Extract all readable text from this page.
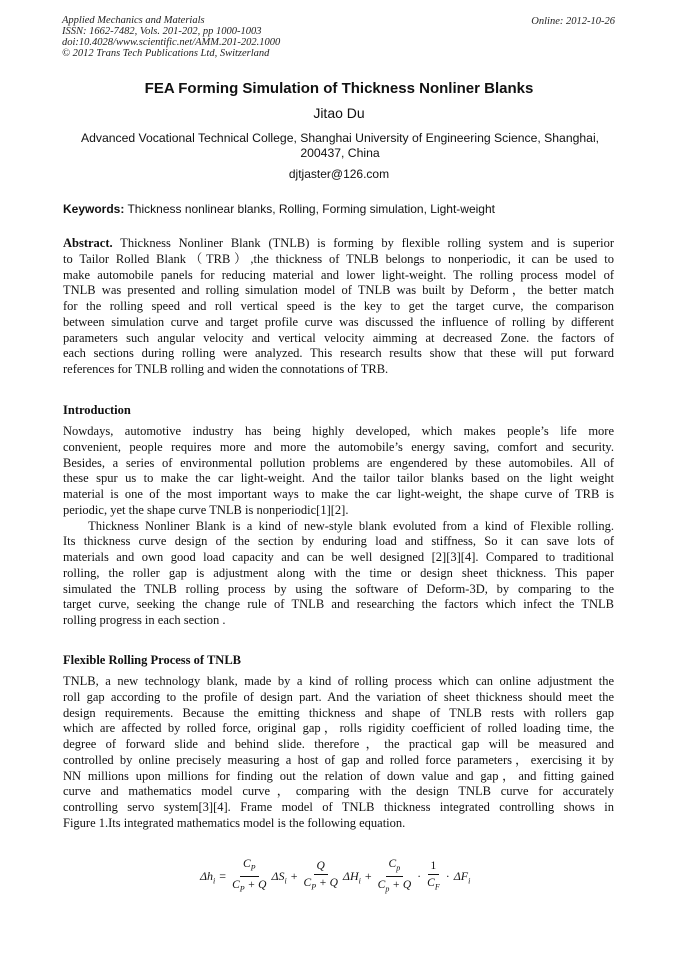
Applied Mechanics and Materials
ISSN: 1662-7482, Vols. 201-202, pp 1000-1003
doi:10.4028/www.scientific.net/AMM.201-202.1000
© 2012 Trans Tech Publications Ltd, Switzerland
Online: 2012-10-26
FEA Forming Simulation of Thickness Nonliner Blanks
Jitao Du
Advanced Vocational Technical College, Shanghai University of Engineering Science, Shanghai,
200437, China
djtjaster@126.com
Keywords: Thickness nonlinear blanks, Rolling, Forming simulation, Light-weight
Abstract. Thickness Nonliner Blank (TNLB) is forming by flexible rolling system and is superior
to Tailor Rolled Blank（TRB）,the thickness of TNLB belongs to nonperiodic, it can be used to
make automobile panels for reducing material and lower light-weight. The rolling process model of
TNLB was presented and rolling simulation model of TNLB was built by Deform，the better match
for the rolling speed and roll vertical speed is the key to get the target curve, the comparison
between simulation curve and target profile curve was discussed the influence of rolling by different
parameters such angular velocity and vertical velocity aimming at decreased Zone. the factors of
each sections during rolling were analyzed. This research results show that these will put forward
references for TNLB rolling and widen the connotations of TRB.
Introduction
Nowdays, automotive industry has being highly developed, which makes people’s life more
convenient, people requires more and more the automobile’s energy saving, comfort and security.
Besides, a series of environmental pollution problems are engendered by these automobiles. All of
these spur us to make the car light-weight. And the tailor tailor blanks based on the light weight
material is one of the most important ways to make the car light-weight, the shape curve of TRB is
periodic, yet the shape curve TNLB is nonperiodic[1][2].
Thickness Nonliner Blank is a kind of new-style blank evoluted from a kind of Flexible rolling.
Its thickness curve design of the section by enduring load and stiffness, So it can save lots of
materials and own good load capacity and can be well designed [2][3][4]. Compared to traditional
rolling, the roller gap is adjustment along with the time or design sheet thickness. This paper
simulated the TNLB rolling process by using the software of Deform-3D, by comparing to the
target curve, seeking the change rule of TNLB and researching the factors which infect the TNLB
rolling progress in each section .
Flexible Rolling Process of TNLB
TNLB, a new technology blank, made by a kind of rolling process which can online adjustment the
roll gap according to the profile of design part. And the variation of sheet thickness should meet the
design requirements. Because the emitting thickness and shape of TNLB rests with rollers gap
which are affected by rolled force, original gap，rolls rigidity coefficient of rolled loading time, the
degree of forward slide and behind slide. therefore，the practical gap will be measured and
controlled by online precisely measuring a host of gap and rolled force parameters，exercising it by
NN millions upon millions for finding out the relation of down value and gap，and fitting gained
curve and mathematics model curve，comparing with the design TNLB curve for accurately
controlling servo system[3][4]. Frame model of TNLB thickness integrated controlling shows in
Figure 1.Its integrated mathematics model is the following equation.
$\Delta h_i = \frac{C_P}{C_P + Q} \Delta S_i + \frac{Q}{C_P + Q} \Delta H_i + \frac{C_p}{C_p + Q} \cdot \frac{1}{C_F} \cdot \Delta F_i$
